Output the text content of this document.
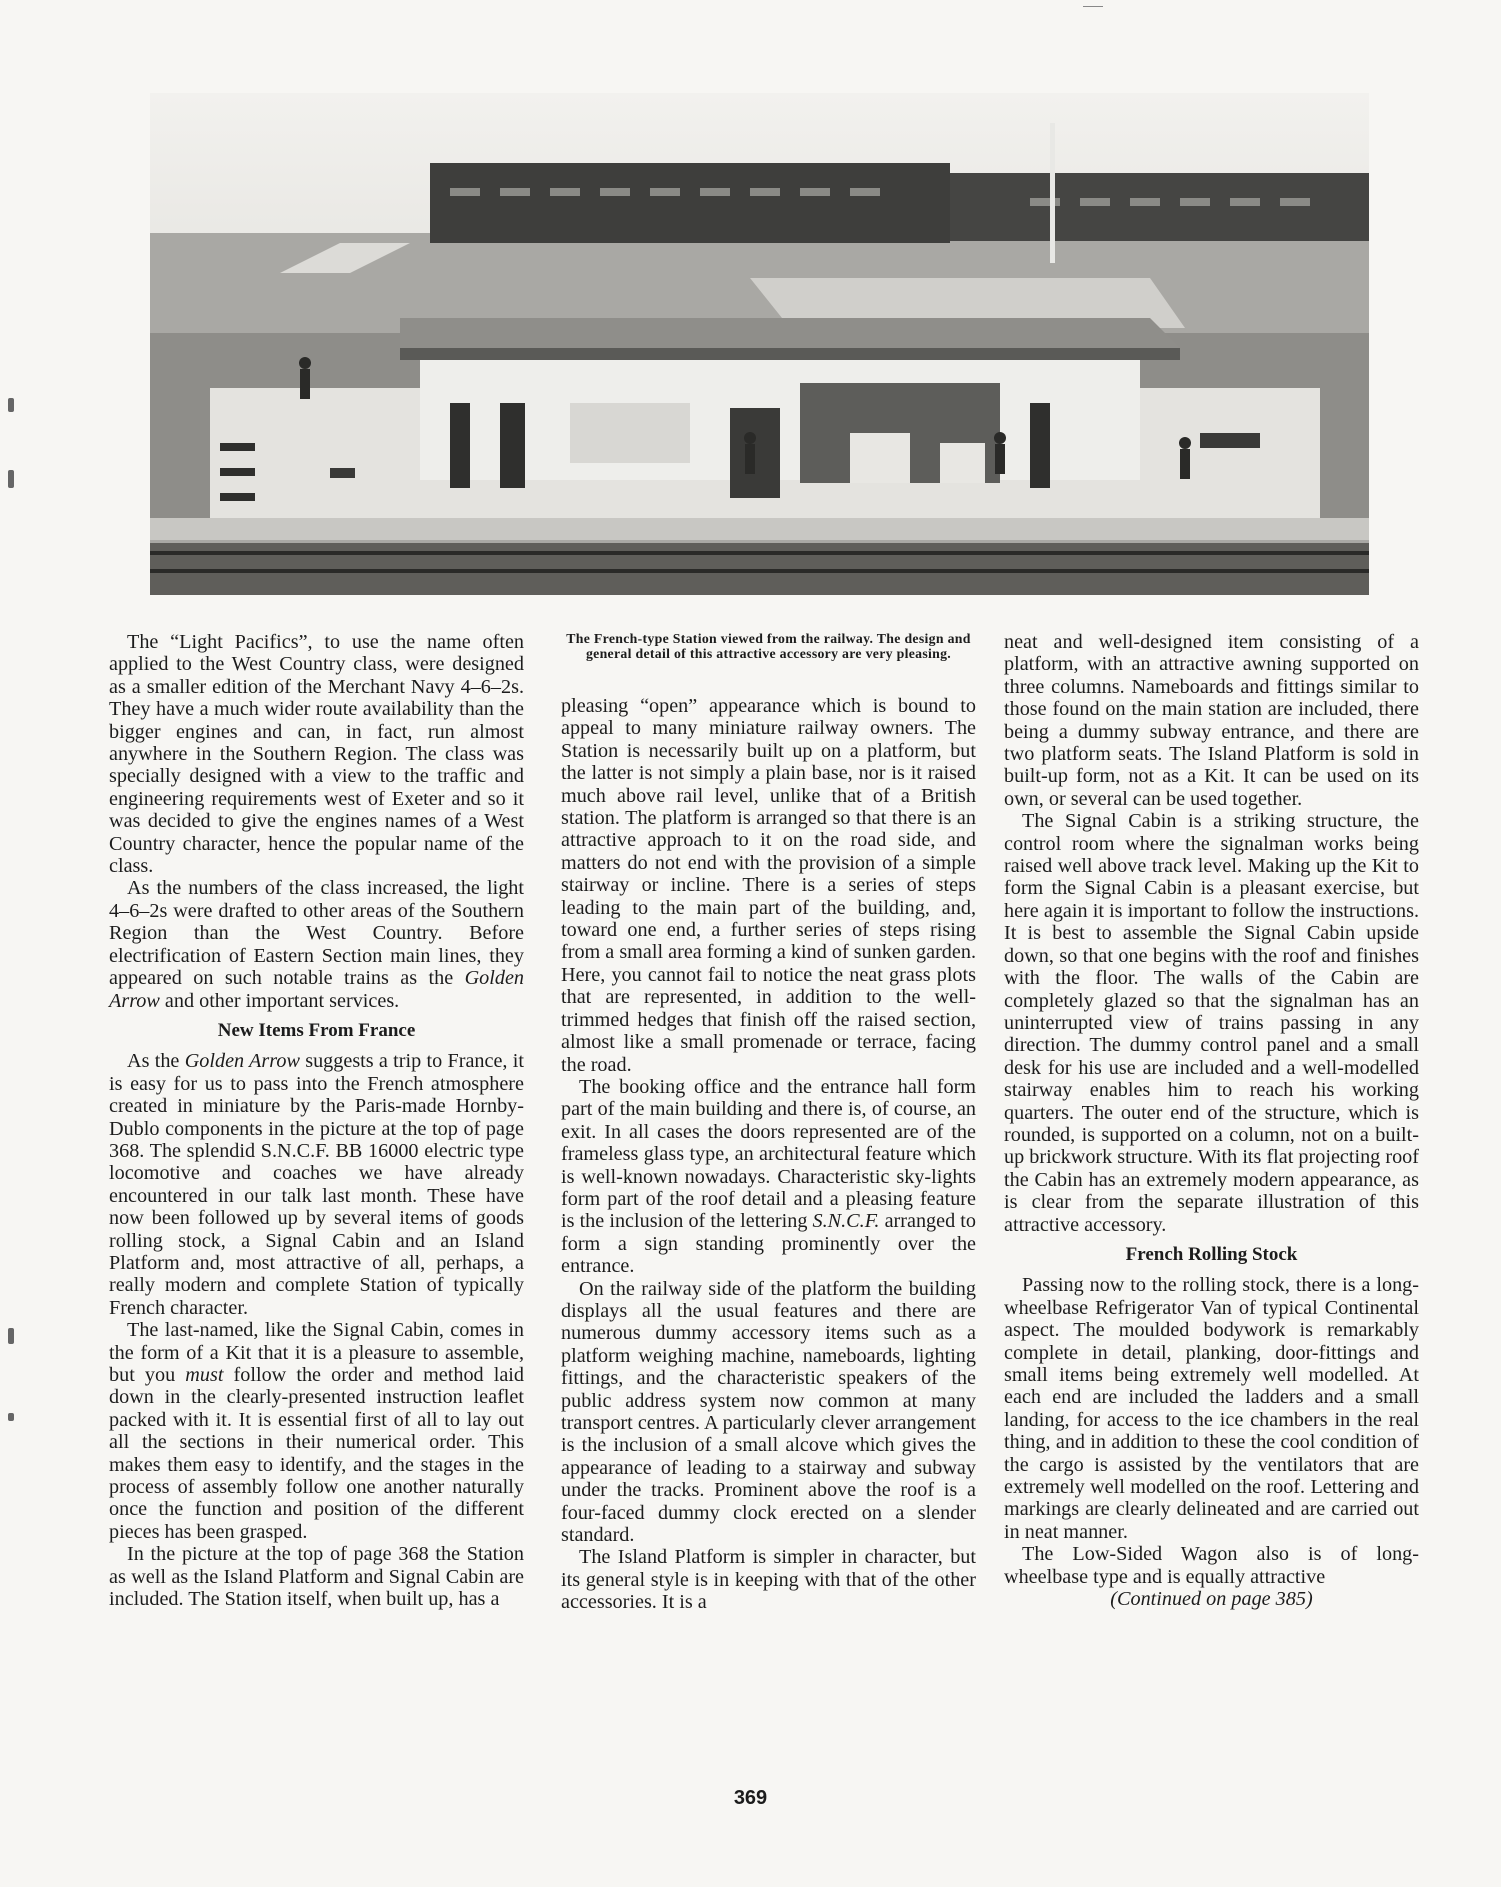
The “Light Pacifics”, to use the name often applied to the West Country class, were designed as a smaller edition of the Merchant Navy 4–6–2s. They have a much wider route availability than the bigger engines and can, in fact, run almost anywhere in the Southern Region. The class was specially designed with a view to the traffic and engineering requirements west of Exeter and so it was decided to give the engines names of a West Country character, hence the popular name of the class.

As the numbers of the class increased, the light 4–6–2s were drafted to other areas of the Southern Region than the West Country. Before electrification of Eastern Section main lines, they appeared on such notable trains as the Golden Arrow and other important services.

New Items From France

As the Golden Arrow suggests a trip to France, it is easy for us to pass into the French atmosphere created in miniature by the Paris-made Hornby-Dublo components in the picture at the top of page 368. The splendid S.N.C.F. BB 16000 electric type locomotive and coaches we have already encountered in our talk last month. These have now been followed up by several items of goods rolling stock, a Signal Cabin and an Island Platform and, most attractive of all, perhaps, a really modern and complete Station of typically French character.

The last-named, like the Signal Cabin, comes in the form of a Kit that it is a pleasure to assemble, but you must follow the order and method laid down in the clearly-presented instruction leaflet packed with it. It is essential first of all to lay out all the sections in their numerical order. This makes them easy to identify, and the stages in the process of assembly follow one another naturally once the function and position of the different pieces has been grasped.

In the picture at the top of page 368 the Station as well as the Island Platform and Signal Cabin are included. The Station itself, when built up, has a

The French-type Station viewed from the railway. The design and general detail of this attractive accessory are very pleasing.

pleasing “open” appearance which is bound to appeal to many miniature railway owners. The Station is necessarily built up on a platform, but the latter is not simply a plain base, nor is it raised much above rail level, unlike that of a British station. The platform is arranged so that there is an attractive approach to it on the road side, and matters do not end with the provision of a simple stairway or incline. There is a series of steps leading to the main part of the building, and, toward one end, a further series of steps rising from a small area forming a kind of sunken garden. Here, you cannot fail to notice the neat grass plots that are represented, in addition to the well-trimmed hedges that finish off the raised section, almost like a small promenade or terrace, facing the road.

The booking office and the entrance hall form part of the main building and there is, of course, an exit. In all cases the doors represented are of the frameless glass type, an architectural feature which is well-known nowadays. Characteristic sky-lights form part of the roof detail and a pleasing feature is the inclusion of the lettering S.N.C.F. arranged to form a sign standing prominently over the entrance.

On the railway side of the platform the building displays all the usual features and there are numerous dummy accessory items such as a platform weighing machine, nameboards, lighting fittings, and the characteristic speakers of the public address system now common at many transport centres. A particularly clever arrangement is the inclusion of a small alcove which gives the appearance of leading to a stairway and subway under the tracks. Prominent above the roof is a four-faced dummy clock erected on a slender standard.

The Island Platform is simpler in character, but its general style is in keeping with that of the other accessories. It is a

neat and well-designed item consisting of a platform, with an attractive awning supported on three columns. Nameboards and fittings similar to those found on the main station are included, there being a dummy subway entrance, and there are two platform seats. The Island Platform is sold in built-up form, not as a Kit. It can be used on its own, or several can be used together.

The Signal Cabin is a striking structure, the control room where the signalman works being raised well above track level. Making up the Kit to form the Signal Cabin is a pleasant exercise, but here again it is important to follow the instructions. It is best to assemble the Signal Cabin upside down, so that one begins with the roof and finishes with the floor. The walls of the Cabin are completely glazed so that the signalman has an uninterrupted view of trains passing in any direction. The dummy control panel and a small desk for his use are included and a well-modelled stairway enables him to reach his working quarters. The outer end of the structure, which is rounded, is supported on a column, not on a built-up brickwork structure. With its flat projecting roof the Cabin has an extremely modern appearance, as is clear from the separate illustration of this attractive accessory.

French Rolling Stock

Passing now to the rolling stock, there is a long-wheelbase Refrigerator Van of typical Continental aspect. The moulded bodywork is remarkably complete in detail, planking, door-fittings and small items being extremely well modelled. At each end are included the ladders and a small landing, for access to the ice chambers in the real thing, and in addition to these the cool condition of the cargo is assisted by the ventilators that are extremely well modelled on the roof. Lettering and markings are clearly delineated and are carried out in neat manner.

The Low-Sided Wagon also is of long-wheelbase type and is equally attractive

(Continued on page 385)
369
